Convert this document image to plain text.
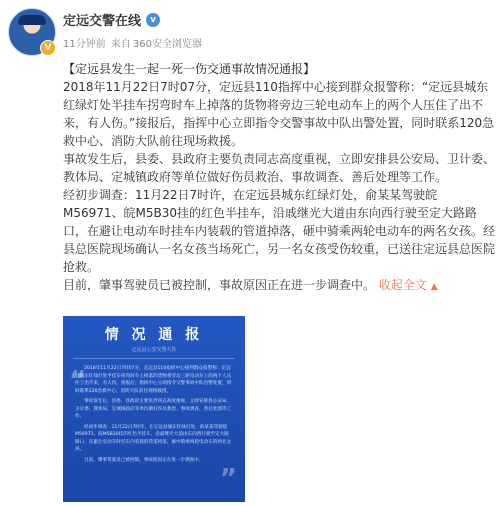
V
定远交警在线	v
11分钟前 来自 360安全浏览器

【定远县发生一起一死一伤交通事故情况通报】

2018年11月22日7时07分，定远县110指挥中心接到群众报警称：“定远县城东红绿灯处半挂车拐弯时车上掉落的货物将旁边三轮电动车上的两个人压住了出不来，有人伤。”接报后，指挥中心立即指令交警事故中队出警处置，同时联系120急救中心、消防大队前往现场救援。

事故发生后，县委、县政府主要负责同志高度重视，立即安排县公安局、卫计委、教体局、定城镇政府等单位做好伤员救治、事故调查、善后处理等工作。

经初步调查：11月22日7时许，在定远县城东红绿灯处，俞某某驾驶皖M56971、皖M5B30挂的红色半挂车，沿戚继光大道由东向西行驶至定大路路口，在避让电动车时挂车内装载的管道掉落，砸中骑乘两轮电动车的两名女孩。经县总医院现场确认一名女孩当场死亡，另一名女孩受伤较重，已送往定远县总医院抢救。

目前，肇事驾驶员已被控制，事故原因正在进一步调查中。 收起全文 ▲

情 况 通 报
定远县公安交警大队
“

2018年11月22日7时07分，定远县110指挥中心接到群众报警称：定远县城东红绿灯处半挂车拐弯时车上掉落的货物将旁边三轮电动车上的两个人压住了出不来，有人伤。接报后，指挥中心立即指令交警事故中队出警处置，同时联系120急救中心、消防大队前往现场救援。

事故发生后，县委、县政府主要负责同志高度重视，立即安排县公安局、卫计委、教体局、定城镇政府等单位做好伤员救治、事故调查、善后处理等工作。

经初步调查：11月22日7时许，在定远县城东红绿灯处，俞某某驾驶皖M56971、皖M5B30挂的红色半挂车，沿戚继光大道由东向西行驶至定大路路口，在避让电动车时挂车内装载的管道掉落，砸中骑乘两轮电动车的两名女孩。

目前，肇事驾驶员已被控制，事故原因正在进一步调查中。

”
